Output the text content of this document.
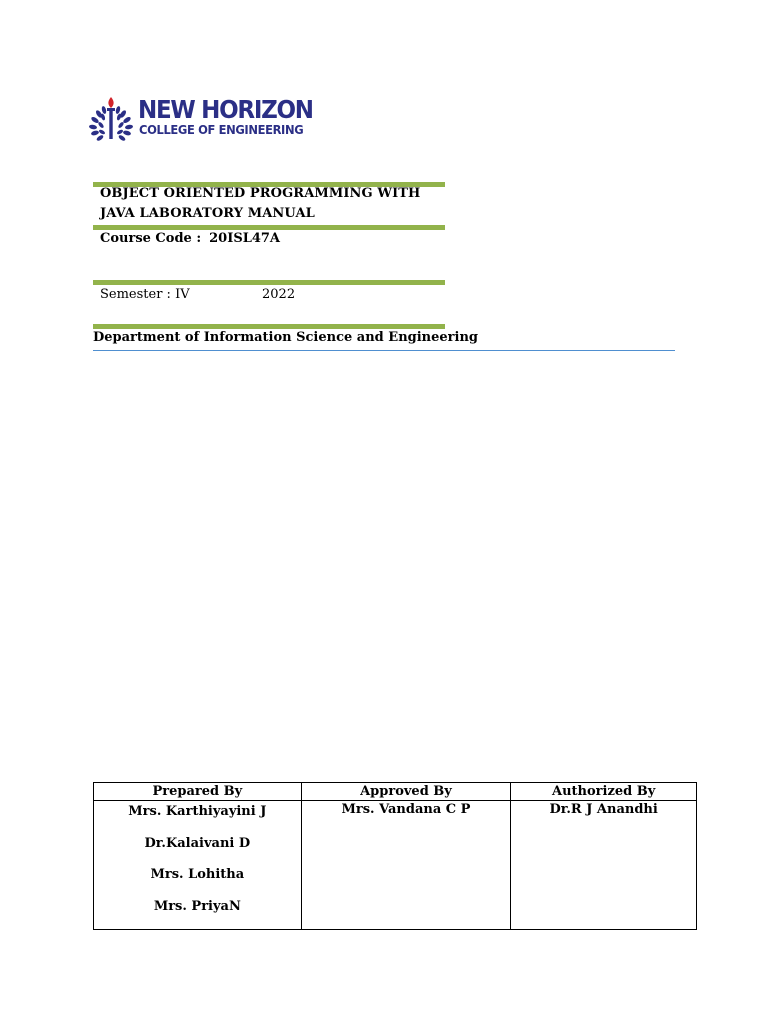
NEW HORIZON
COLLEGE OF ENGINEERING
OBJECT ORIENTED PROGRAMMING WITH
JAVA LABORATORY MANUAL
Course Code : 20ISL47A
Semester : IV	2022
Department of Information Science and Engineering
Prepared By	Approved By	Authorized By

Mrs. Karthiyayini J
Dr.Kalaivani D
Mrs. Lohitha
Mrs. PriyaN	Mrs. Vandana C P	Dr.R J Anandhi
